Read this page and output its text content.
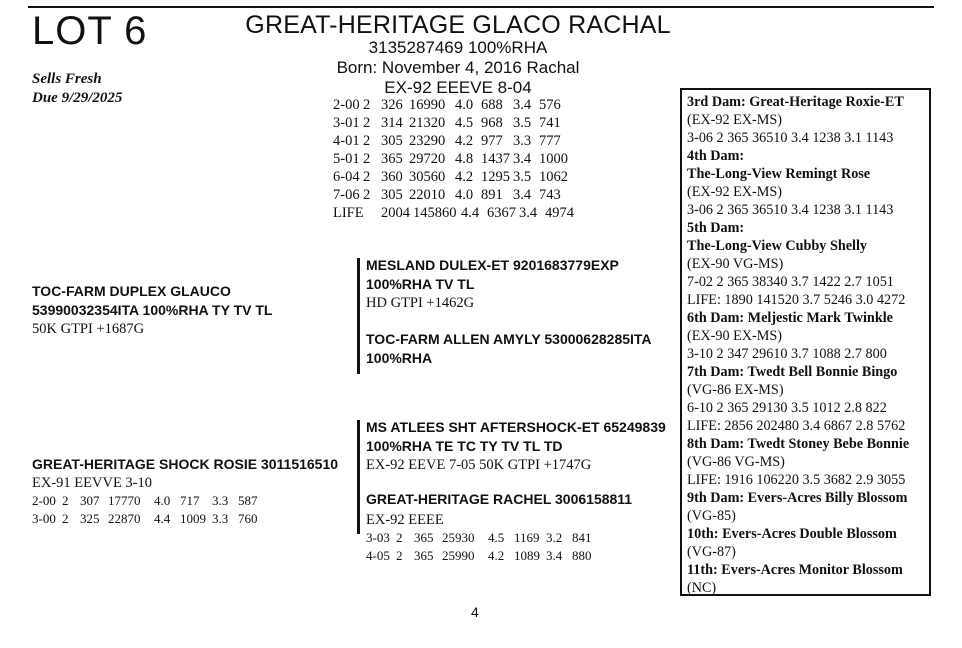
LOT 6
Sells Fresh
Due 9/29/2025
GREAT-HERITAGE GLACO RACHAL
3135287469 100%RHA
Born: November 4, 2016 Rachal
EX-92 EEEVE 8-04
2-00 2 326 16990 4.0 688 3.4 576
3-01 2 314 21320 4.5 968 3.5 741
4-01 2 305 23290 4.2 977 3.3 777
5-01 2 365 29720 4.8 1437 3.4 1000
6-04 2 360 30560 4.2 1295 3.5 1062
7-06 2 305 22010 4.0 891 3.4 743
LIFE 2004 145860 4.4 6367 3.4 4974
TOC-FARM DUPLEX GLAUCO
53990032354ITA 100%RHA TY TV TL
50K GTPI +1687G
MESLAND DULEX-ET 9201683779EXP
100%RHA TV TL
HD GTPI +1462G
TOC-FARM ALLEN AMYLY 53000628285ITA
100%RHA
GREAT-HERITAGE SHOCK ROSIE 3011516510
EX-91 EEVVE 3-10
2-00 2 307 17770 4.0 717 3.3 587
3-00 2 325 22870 4.4 1009 3.3 760
MS ATLEES SHT AFTERSHOCK-ET 65249839
100%RHA TE TC TY TV TL TD
EX-92 EEVE 7-05 50K GTPI +1747G
GREAT-HERITAGE RACHEL 3006158811
EX-92 EEEE
3-03 2 365 25930 4.5 1169 3.2 841
4-05 2 365 25990 4.2 1089 3.4 880
3rd Dam: Great-Heritage Roxie-ET
(EX-92 EX-MS)
3-06 2 365 36510 3.4 1238 3.1 1143
4th Dam:
The-Long-View Remingt Rose
(EX-92 EX-MS)
3-06 2 365 36510 3.4 1238 3.1 1143
5th Dam:
The-Long-View Cubby Shelly
(EX-90 VG-MS)
7-02 2 365 38340 3.7 1422 2.7 1051
LIFE: 1890 141520 3.7 5246 3.0 4272
6th Dam: Meljestic Mark Twinkle
(EX-90 EX-MS)
3-10 2 347 29610 3.7 1088 2.7 800
7th Dam: Twedt Bell Bonnie Bingo
(VG-86 EX-MS)
6-10 2 365 29130 3.5 1012 2.8 822
LIFE: 2856 202480 3.4 6867 2.8 5762
8th Dam: Twedt Stoney Bebe Bonnie
(VG-86 VG-MS)
LIFE: 1916 106220 3.5 3682 2.9 3055
9th Dam: Evers-Acres Billy Blossom
(VG-85)
10th: Evers-Acres Double Blossom
(VG-87)
11th: Evers-Acres Monitor Blossom
(NC)
4
